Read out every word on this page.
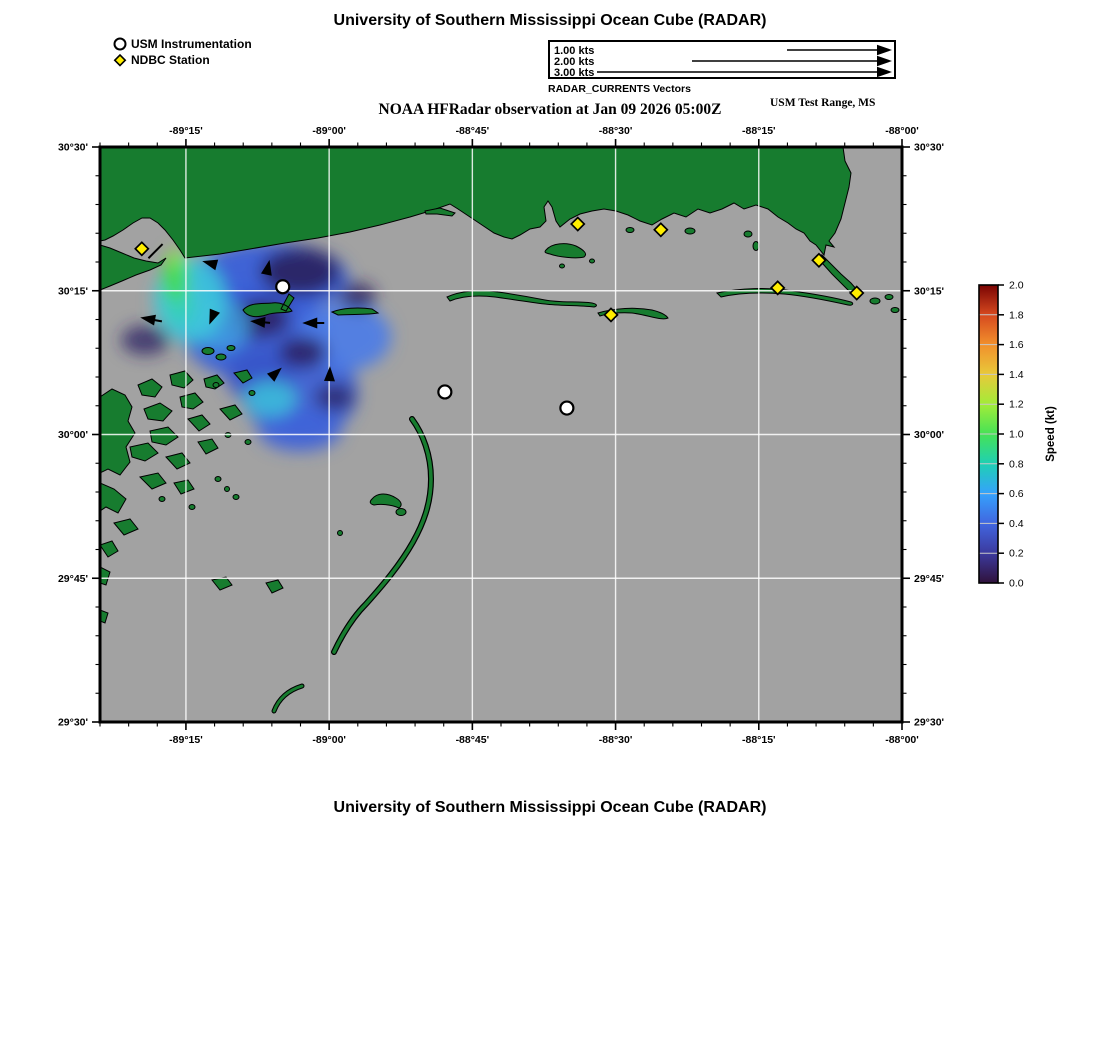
University of Southern Mississippi Ocean Cube (RADAR)
USM Instrumentation
NDBC Station
1.00 kts
2.00 kts
3.00 kts
RADAR_CURRENTS Vectors
NOAA HFRadar observation at Jan 09 2026 05:00Z	USM Test Range, MS
-89°15'
-89°15'
-89°00'
-89°00'
-88°45'
-88°45'
-88°30'
-88°30'
-88°15'
-88°15'
-88°00'
-88°00'
30°30'	30°30'
30°15'	30°15'
30°00'	30°00'
29°45'	29°45'
29°30'	29°30'
2.0
1.8
1.6
1.4
1.2
1.0
0.8
0.6
0.4
0.2
0.0
Speed (kt)
University of Southern Mississippi Ocean Cube (RADAR)
